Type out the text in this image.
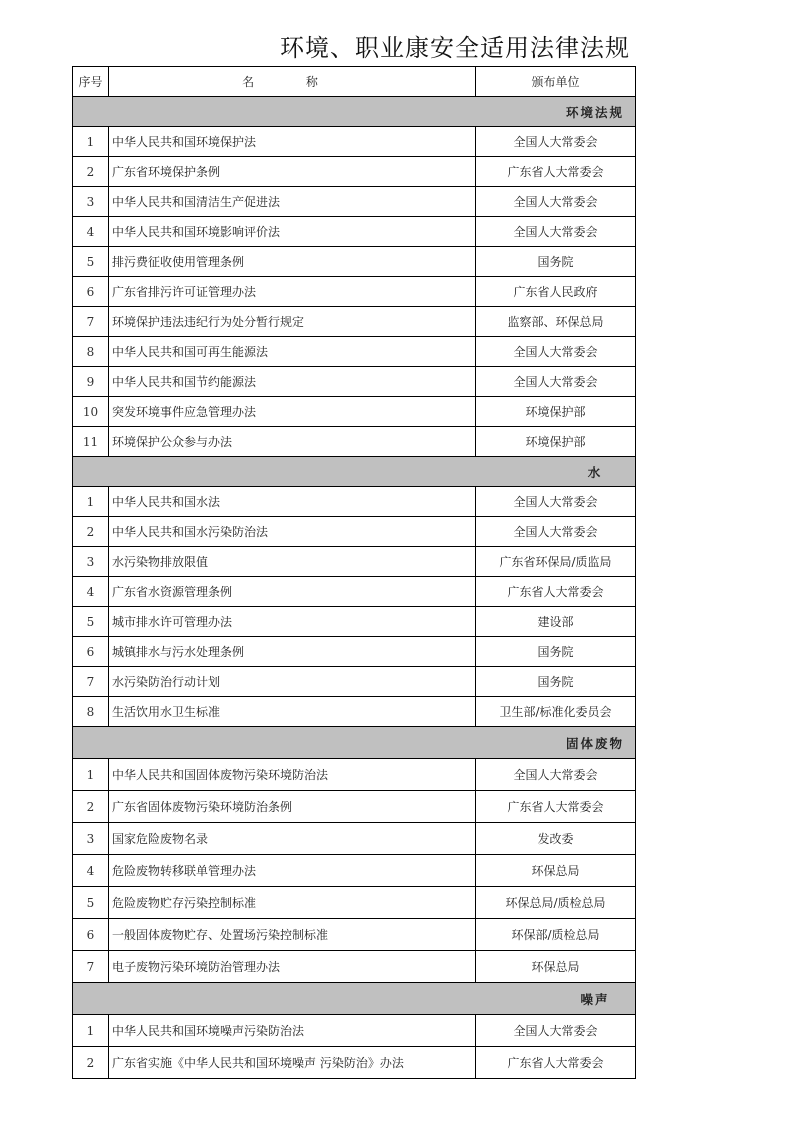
环境、职业康安全适用法律法规
序号	名 称	颁布单位
环境法规		
1	中华人民共和国环境保护法	全国人大常委会
2	广东省环境保护条例	广东省人大常委会
3	中华人民共和国清洁生产促进法	全国人大常委会
4	中华人民共和国环境影响评价法	全国人大常委会
5	排污费征收使用管理条例	国务院
6	广东省排污许可证管理办法	广东省人民政府
7	环境保护违法违纪行为处分暂行规定	监察部、环保总局
8	中华人民共和国可再生能源法	全国人大常委会
9	中华人民共和国节约能源法	全国人大常委会
10	突发环境事件应急管理办法	环境保护部
11	环境保护公众参与办法	环境保护部
水		
1	中华人民共和国水法	全国人大常委会
2	中华人民共和国水污染防治法	全国人大常委会
3	水污染物排放限值	广东省环保局/质监局
4	广东省水资源管理条例	广东省人大常委会
5	城市排水许可管理办法	建设部
6	城镇排水与污水处理条例	国务院
7	水污染防治行动计划	国务院
8	生活饮用水卫生标准	卫生部/标准化委员会
固体废物		
1	中华人民共和国固体废物污染环境防治法	全国人大常委会
2	广东省固体废物污染环境防治条例	广东省人大常委会
3	国家危险废物名录	发改委
4	危险废物转移联单管理办法	环保总局
5	危险废物贮存污染控制标准	环保总局/质检总局
6	一般固体废物贮存、处置场污染控制标准	环保部/质检总局
7	电子废物污染环境防治管理办法	环保总局
噪声		
1	中华人民共和国环境噪声污染防治法	全国人大常委会
2	广东省实施《中华人民共和国环境噪声 污染防治》办法	广东省人大常委会
